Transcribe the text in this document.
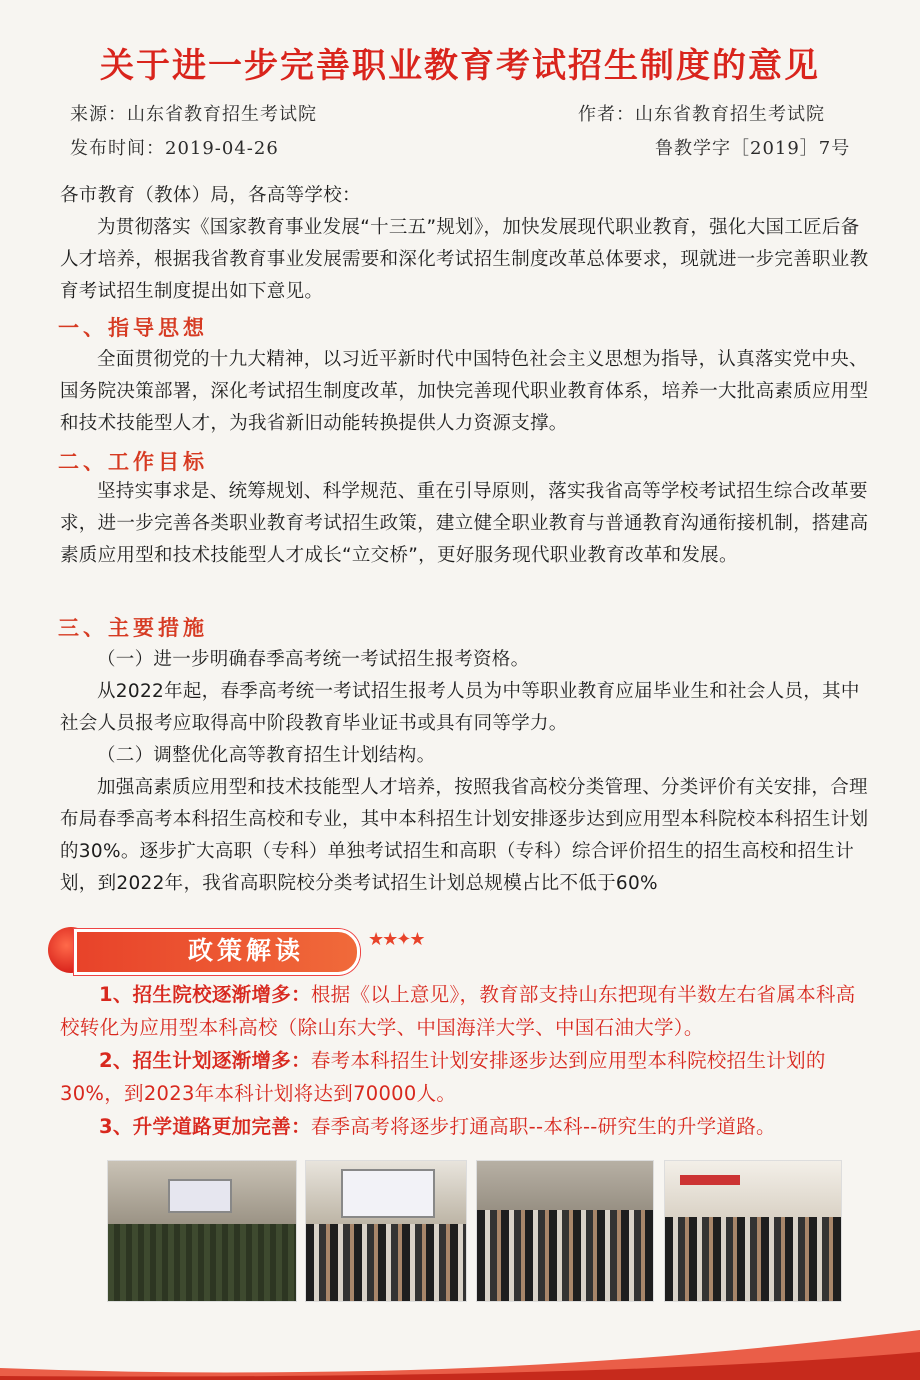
关于进一步完善职业教育考试招生制度的意见
来源：山东省教育招生考试院	作者：山东省教育招生考试院
发布时间：2019-04-26	鲁教学字［2019］7号
各市教育（教体）局，各高等学校：
为贯彻落实《国家教育事业发展“十三五”规划》，加快发展现代职业教育，强化大国工匠后备人才培养，根据我省教育事业发展需要和深化考试招生制度改革总体要求，现就进一步完善职业教育考试招生制度提出如下意见。
一、指导思想
全面贯彻党的十九大精神，以习近平新时代中国特色社会主义思想为指导，认真落实党中央、国务院决策部署，深化考试招生制度改革，加快完善现代职业教育体系，培养一大批高素质应用型和技术技能型人才，为我省新旧动能转换提供人力资源支撑。
二、工作目标
坚持实事求是、统筹规划、科学规范、重在引导原则，落实我省高等学校考试招生综合改革要求，进一步完善各类职业教育考试招生政策，建立健全职业教育与普通教育沟通衔接机制，搭建高素质应用型和技术技能型人才成长“立交桥”，更好服务现代职业教育改革和发展。
三、主要措施
（一）进一步明确春季高考统一考试招生报考资格。
从2022年起，春季高考统一考试招生报考人员为中等职业教育应届毕业生和社会人员，其中社会人员报考应取得高中阶段教育毕业证书或具有同等学力。
（二）调整优化高等教育招生计划结构。
加强高素质应用型和技术技能型人才培养，按照我省高校分类管理、分类评价有关安排，合理布局春季高考本科招生高校和专业，其中本科招生计划安排逐步达到应用型本科院校本科招生计划的30%。逐步扩大高职（专科）单独考试招生和高职（专科）综合评价招生的招生高校和招生计划，到2022年，我省高职院校分类考试招生计划总规模占比不低于60%
政策解读	★★✦★
1、招生院校逐渐增多：根据《以上意见》，教育部支持山东把现有半数左右省属本科高校转化为应用型本科高校（除山东大学、中国海洋大学、中国石油大学）。
2、招生计划逐渐增多：春考本科招生计划安排逐步达到应用型本科院校招生计划的30%，到2023年本科计划将达到70000人。
3、升学道路更加完善：春季高考将逐步打通高职--本科--研究生的升学道路。
